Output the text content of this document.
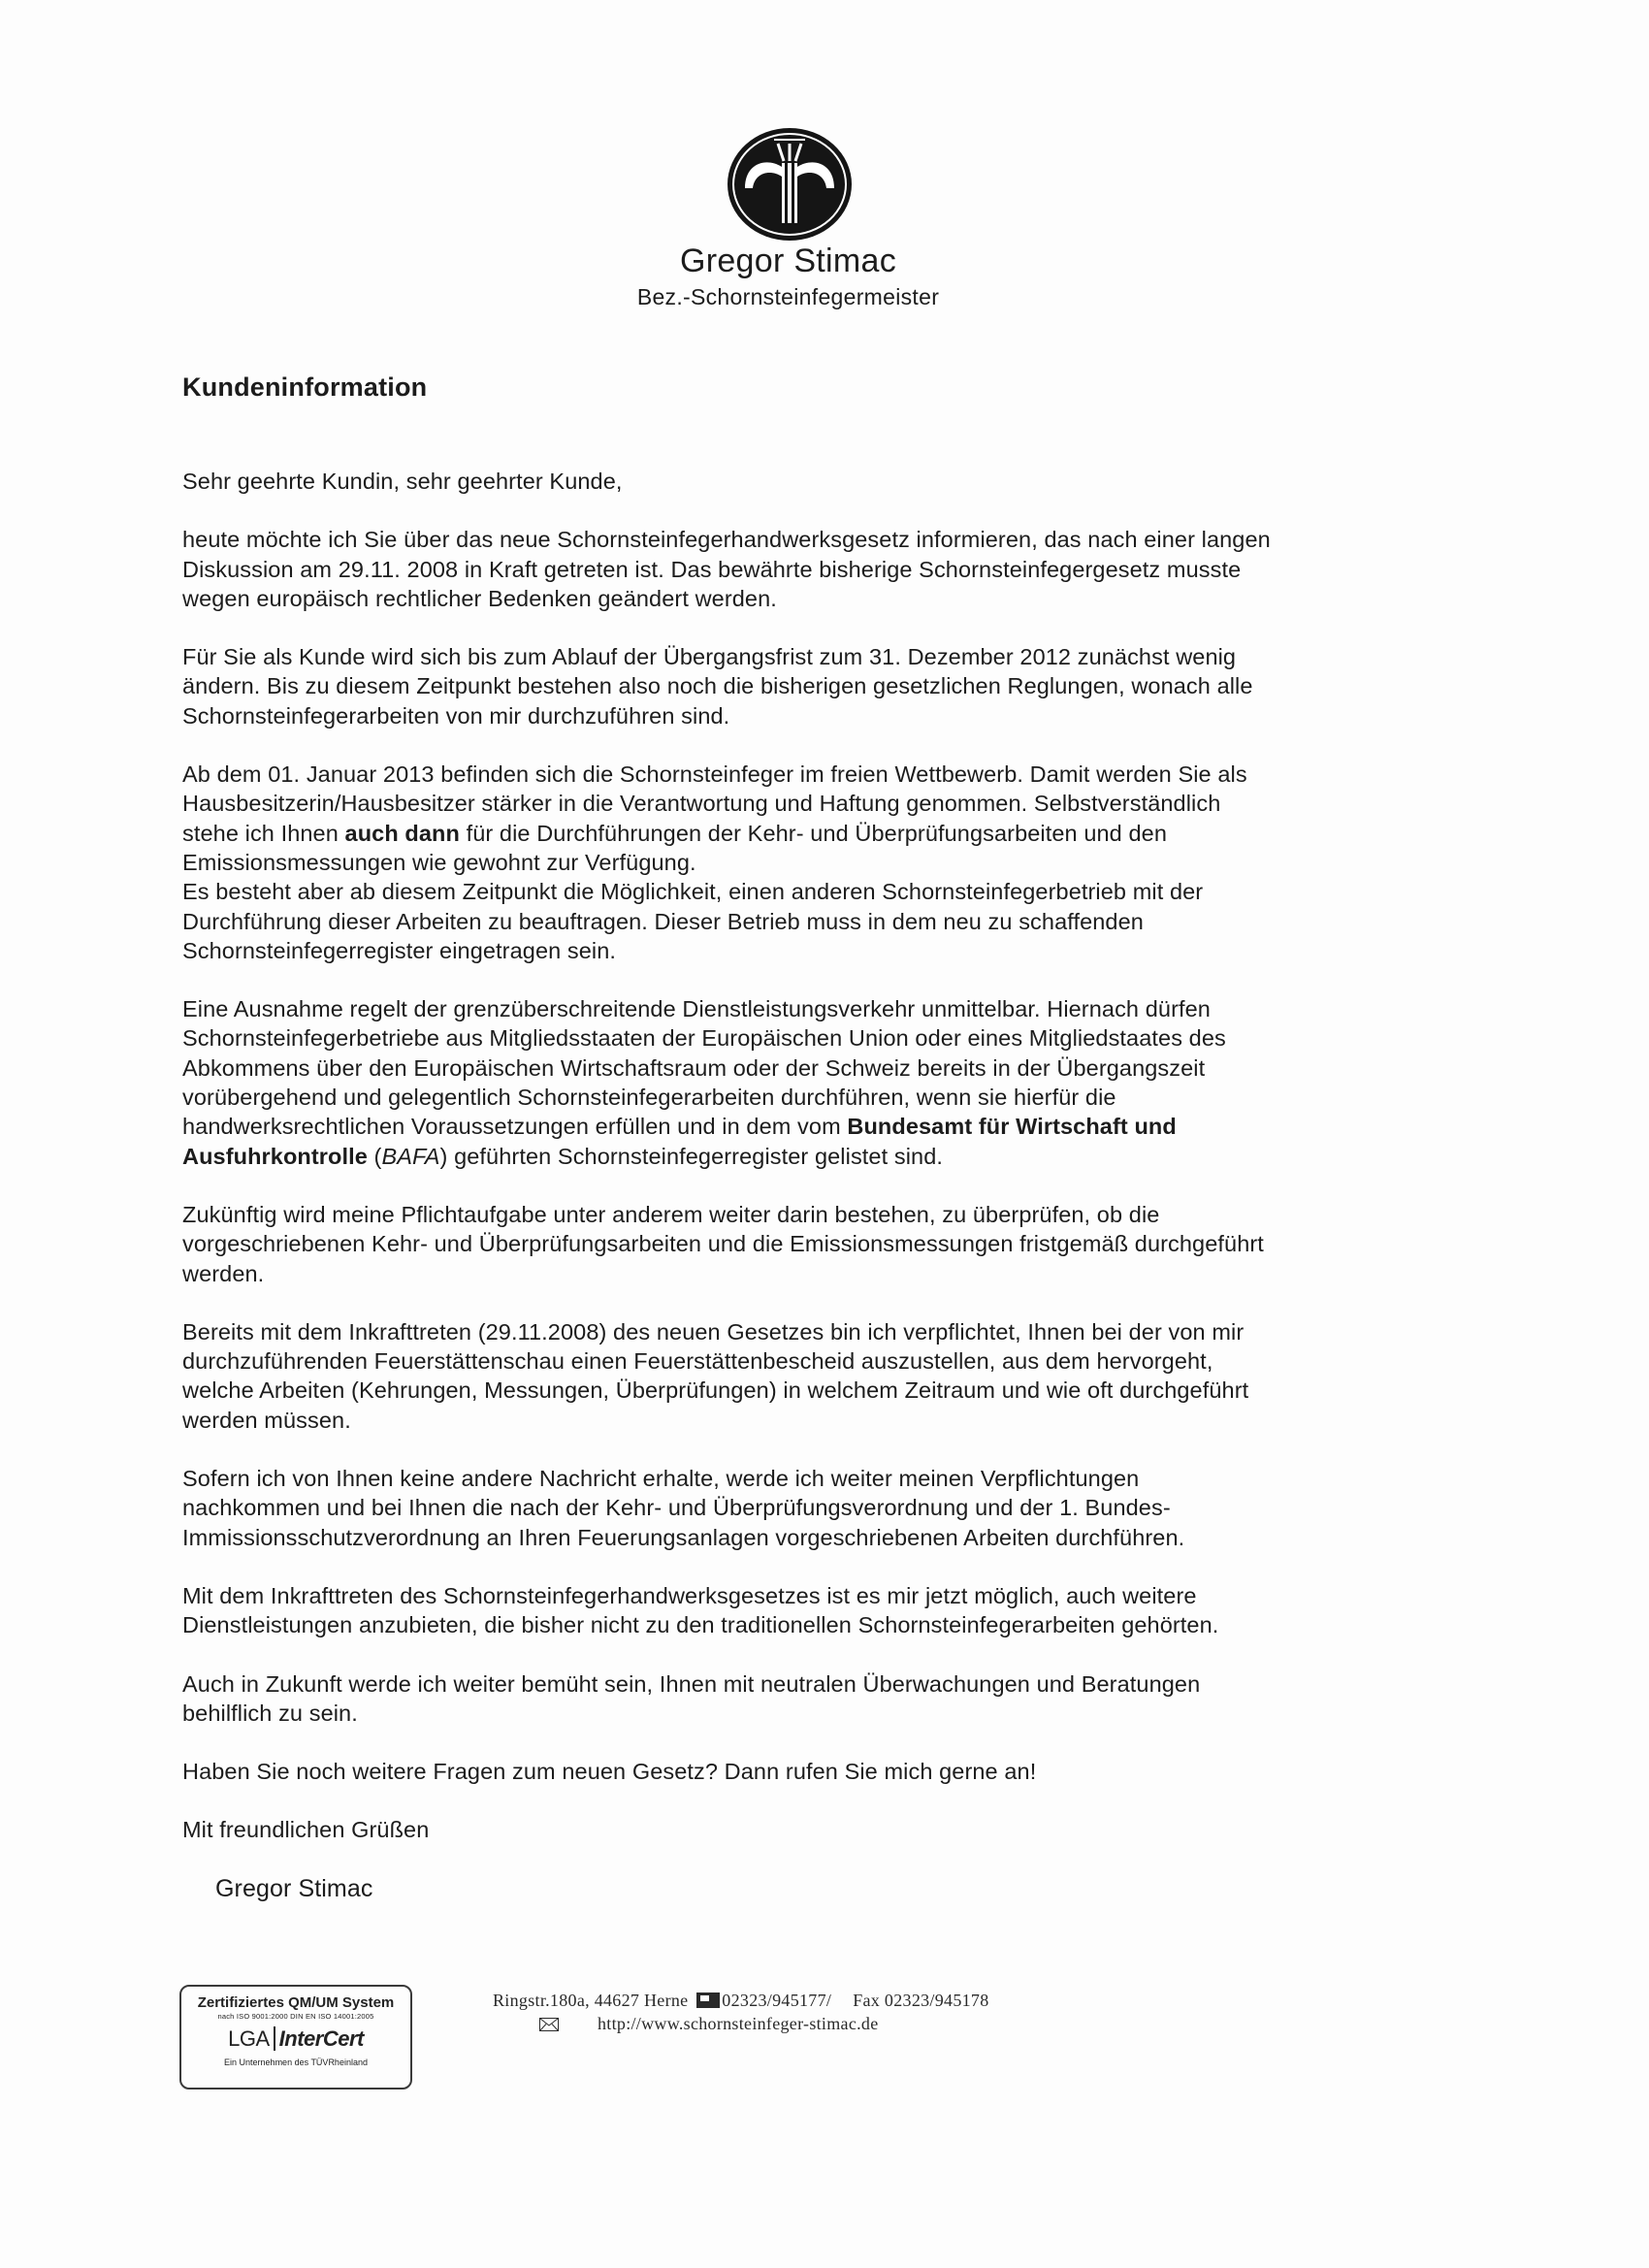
Gregor Stimac
Bez.-Schornsteinfegermeister
Kundeninformation
Sehr geehrte Kundin, sehr geehrter Kunde,
heute möchte ich Sie über das neue Schornsteinfegerhandwerksgesetz informieren, das nach einer langen
Diskussion am 29.11. 2008 in Kraft getreten ist. Das bewährte bisherige Schornsteinfegergesetz musste
wegen europäisch rechtlicher Bedenken geändert werden.
Für Sie als Kunde wird sich bis zum Ablauf der Übergangsfrist zum 31. Dezember 2012 zunächst wenig
ändern. Bis zu diesem Zeitpunkt bestehen also noch die bisherigen gesetzlichen Reglungen, wonach alle
Schornsteinfegerarbeiten von mir durchzuführen sind.
Ab dem 01. Januar 2013 befinden sich die Schornsteinfeger im freien Wettbewerb. Damit werden Sie als
Hausbesitzerin/Hausbesitzer stärker in die Verantwortung und Haftung genommen. Selbstverständlich
stehe ich Ihnen auch dann für die Durchführungen der Kehr- und Überprüfungsarbeiten und den
Emissionsmessungen wie gewohnt zur Verfügung.
Es besteht aber ab diesem Zeitpunkt die Möglichkeit, einen anderen Schornsteinfegerbetrieb mit der
Durchführung dieser Arbeiten zu beauftragen. Dieser Betrieb muss in dem neu zu schaffenden
Schornsteinfegerregister eingetragen sein.
Eine Ausnahme regelt der grenzüberschreitende Dienstleistungsverkehr unmittelbar. Hiernach dürfen
Schornsteinfegerbetriebe aus Mitgliedsstaaten der Europäischen Union oder eines Mitgliedstaates des
Abkommens über den Europäischen Wirtschaftsraum oder der Schweiz bereits in der Übergangszeit
vorübergehend und gelegentlich Schornsteinfegerarbeiten durchführen, wenn sie hierfür die
handwerksrechtlichen Voraussetzungen erfüllen und in dem vom Bundesamt für Wirtschaft und
Ausfuhrkontrolle (BAFA) geführten Schornsteinfegerregister gelistet sind.
Zukünftig wird meine Pflichtaufgabe unter anderem weiter darin bestehen, zu überprüfen, ob die
vorgeschriebenen Kehr- und Überprüfungsarbeiten und die Emissionsmessungen fristgemäß durchgeführt
werden.
Bereits mit dem Inkrafttreten (29.11.2008) des neuen Gesetzes bin ich verpflichtet, Ihnen bei der von mir
durchzuführenden Feuerstättenschau einen Feuerstättenbescheid auszustellen, aus dem hervorgeht,
welche Arbeiten (Kehrungen, Messungen, Überprüfungen) in welchem Zeitraum und wie oft durchgeführt
werden müssen.
Sofern ich von Ihnen keine andere Nachricht erhalte, werde ich weiter meinen Verpflichtungen
nachkommen und bei Ihnen die nach der Kehr- und Überprüfungsverordnung und der 1. Bundes-
Immissionsschutzverordnung an Ihren Feuerungsanlagen vorgeschriebenen Arbeiten durchführen.
Mit dem Inkrafttreten des Schornsteinfegerhandwerksgesetzes ist es mir jetzt möglich, auch weitere
Dienstleistungen anzubieten, die bisher nicht zu den traditionellen Schornsteinfegerarbeiten gehörten.
Auch in Zukunft werde ich weiter bemüht sein, Ihnen mit neutralen Überwachungen und Beratungen
behilflich zu sein.
Haben Sie noch weitere Fragen zum neuen Gesetz? Dann rufen Sie mich gerne an!
Mit freundlichen Grüßen
Gregor Stimac
Zertifiziertes QM/UM System
nach ISO 9001:2000 DIN EN ISO 14001:2005
LGA InterCert
Ein Unternehmen des TÜVRheinland
Ringstr.180a, 44627 Herne 02323/945177/ Fax 02323/945178
http://www.schornsteinfeger-stimac.de
